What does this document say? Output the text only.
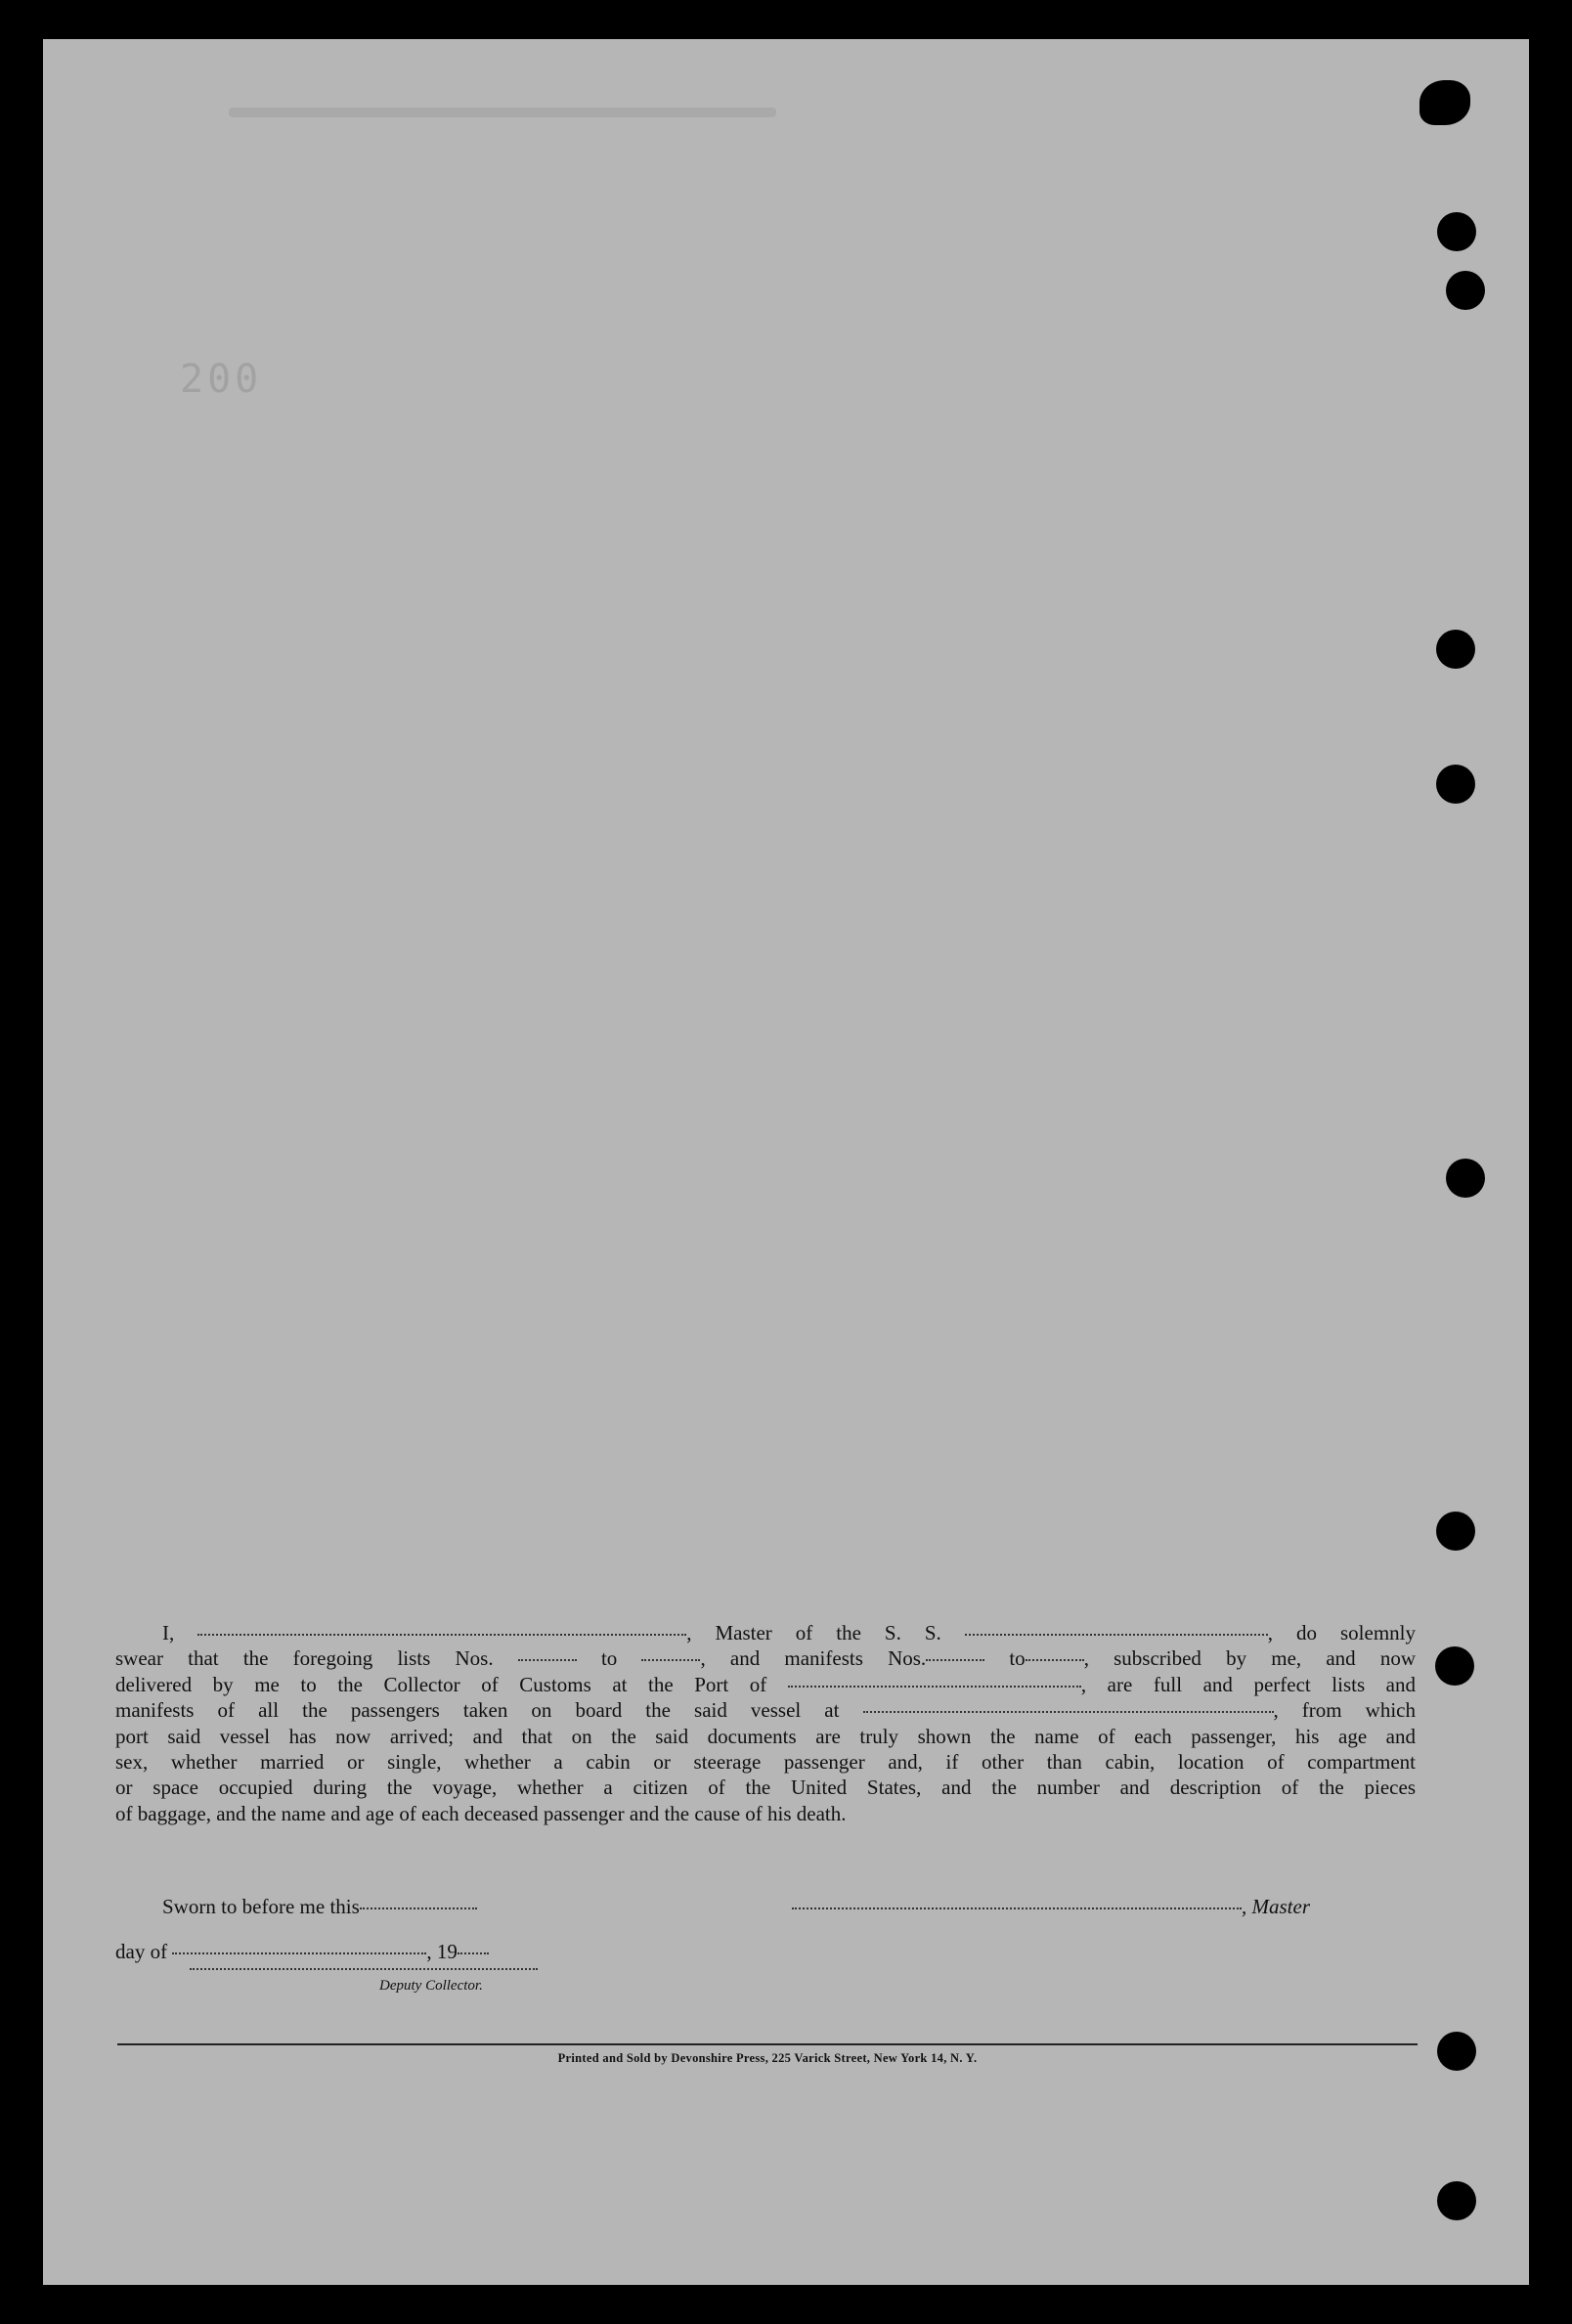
200
I,	, Master of the S. S.	, do solemnly
swear that the foregoing lists Nos.	to	, and manifests Nos.	to	, subscribed by me, and now
delivered by me to the Collector of Customs at the Port of	, are full and perfect lists and
manifests of all the passengers taken on board the said vessel at	, from which
port said vessel has now arrived; and that on the said documents are truly shown the name of each passenger, his age and
sex, whether married or single, whether a cabin or steerage passenger and, if other than cabin, location of compartment
or space occupied during the voyage, whether a citizen of the United States, and the number and description of the pieces
of baggage, and the name and age of each deceased passenger and the cause of his death.
Sworn to before me this	, Master
day of	, 19
Deputy Collector.
Printed and Sold by Devonshire Press, 225 Varick Street, New York 14, N. Y.
